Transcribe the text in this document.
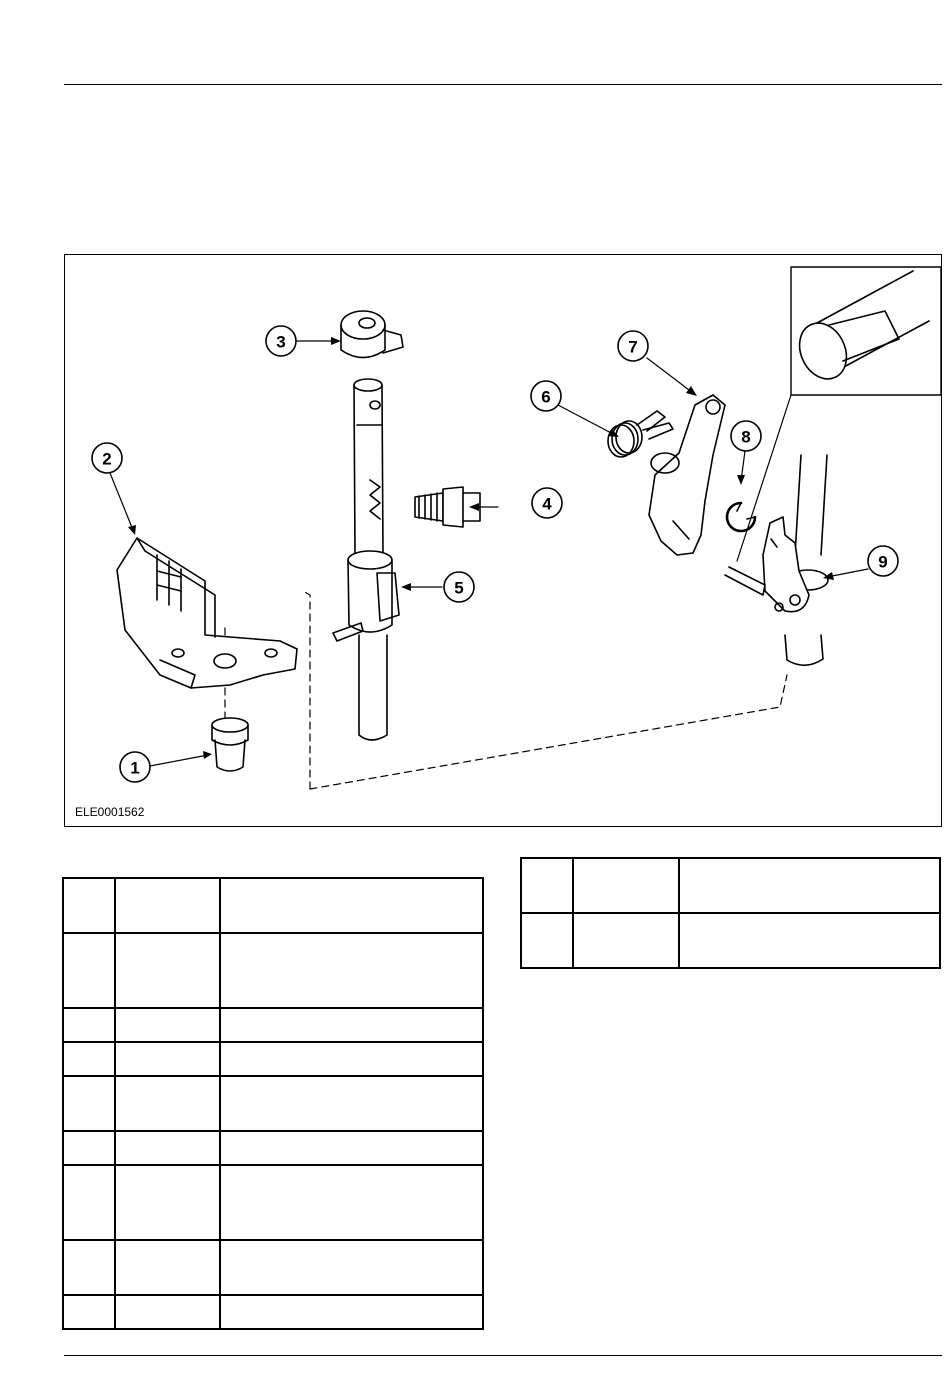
1
2
3
4
5
6
7
8
9
ELE0001562
